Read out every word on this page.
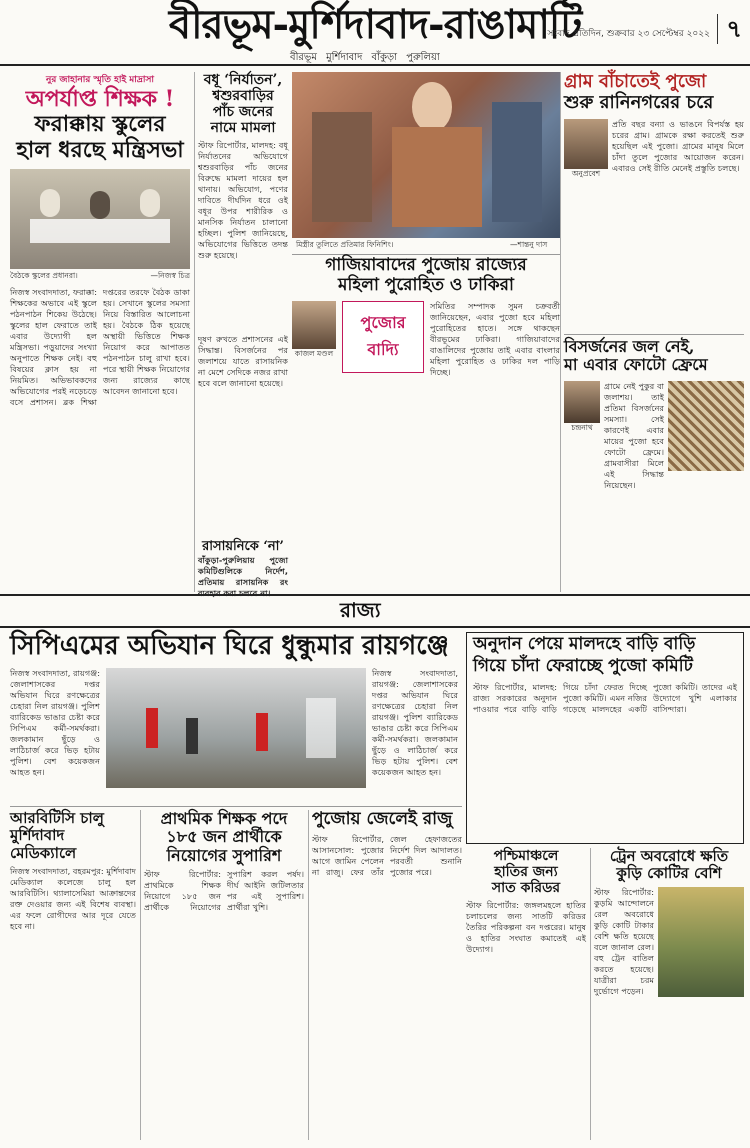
বীরভূম-মুর্শিদাবাদ-রাঙামাটি
সংবাদ প্রতিদিন, শুক্রবার ২৩ সেপ্টেম্বর ২০২২ ৭
বীরভূম মুর্শিদাবাদ বাঁকুড়া পুরুলিয়া
নুর জাহানার স্মৃতি হাই মাদ্রাসা
অপর্যাপ্ত শিক্ষক !
ফরাক্কায় স্কুলের
হাল ধরছে মন্ত্রিসভা
বৈঠকে স্কুলের প্রধানরা।	—নিজস্ব চিত্র
নিজস্ব সংবাদদাতা, ফরাক্কা: শিক্ষকের অভাবে এই স্কুলে পঠনপাঠন শিকেয় উঠেছে। স্কুলের হাল ফেরাতে তাই এবার উদ্যোগী হল মন্ত্রিসভা। পড়ুয়াদের সংখ্যা অনুপাতে শিক্ষক নেই। বহু বিষয়ের ক্লাস হয় না নিয়মিত। অভিভাবকদের অভিযোগের পরই নড়েচড়ে বসে প্রশাসন। ব্লক শিক্ষা দপ্তরের তরফে বৈঠক ডাকা হয়। সেখানে স্কুলের সমস্যা নিয়ে বিস্তারিত আলোচনা হয়। বৈঠকে ঠিক হয়েছে অস্থায়ী ভিত্তিতে শিক্ষক নিয়োগ করে আপাতত পঠনপাঠন চালু রাখা হবে। পরে স্থায়ী শিক্ষক নিয়োগের জন্য রাজ্যের কাছে আবেদন জানানো হবে।
বধূ ‘নির্যাতন’,
শ্বশুরবাড়ির
পাঁচ জনের
নামে মামলা
স্টাফ রিপোর্টার, মালদহ: বধূ নির্যাতনের অভিযোগে শ্বশুরবাড়ির পাঁচ জনের বিরুদ্ধে মামলা দায়ের হল থানায়। অভিযোগ, পণের দাবিতে দীর্ঘদিন ধরে ওই বধূর উপর শারীরিক ও মানসিক নির্যাতন চালানো হচ্ছিল। পুলিশ জানিয়েছে, অভিযোগের ভিত্তিতে তদন্ত শুরু হয়েছে।
মিস্ত্রীর তুলিতে প্রতিমার ফিনিশিং।	—শান্তনু দাস
গ্রাম বাঁচাতেই পুজো
শুরু রানিনগরের চরে
অনুপ্রবেশ
প্রতি বছর বন্যা ও ভাঙনে বিপর্যস্ত হয় চরের গ্রাম। গ্রামকে রক্ষা করতেই শুরু হয়েছিল এই পুজো। গ্রামের মানুষ মিলে চাঁদা তুলে পুজোর আয়োজন করেন। এবারও সেই রীতি মেনেই প্রস্তুতি চলছে।
গাজিয়াবাদের পুজোয় রাজ্যের
মহিলা পুরোহিত ও ঢাকিরা
কাজল মণ্ডল
পুজোর
বাদ্যি
সমিতির সম্পাদক সুমন চক্রবর্তী জানিয়েছেন, এবার পুজো হবে মহিলা পুরোহিতের হাতে। সঙ্গে থাকছেন বীরভূমের ঢাকিরা। গাজিয়াবাদের বাঙালিদের পুজোয় তাই এবার বাংলার মহিলা পুরোহিত ও ঢাকির দল পাড়ি দিচ্ছে।
রাসায়নিকে ‘না’
বাঁকুড়া-পুরুলিয়ায় পুজো কমিটিগুলিকে নির্দেশ, প্রতিমায় রাসায়নিক রং ব্যবহার করা চলবে না।
দূষণ রুখতে প্রশাসনের এই সিদ্ধান্ত। বিসর্জনের পর জলাশয়ে যাতে রাসায়নিক না মেশে সেদিকে নজর রাখা হবে বলে জানানো হয়েছে।
বিসর্জনের জল নেই,
মা এবার ফোটো ফ্রেমে
চন্দ্রনাথ
গ্রামে নেই পুকুর বা জলাশয়। তাই প্রতিমা বিসর্জনের সমস্যা। সেই কারণেই এবার মায়ের পুজো হবে ফোটো ফ্রেমে। গ্রামবাসীরা মিলে এই সিদ্ধান্ত নিয়েছেন।
রাজ্য
সিপিএমের অভিযান ঘিরে ধুন্ধুমার রায়গঞ্জে
নিজস্ব সংবাদদাতা, রায়গঞ্জ: জেলাশাসকের দপ্তর অভিযান ঘিরে রণক্ষেত্রের চেহারা নিল রায়গঞ্জ। পুলিশ ব্যারিকেড ভাঙার চেষ্টা করে সিপিএম কর্মী-সমর্থকরা। জলকামান ছুঁড়ে ও লাঠিচার্জ করে ভিড় হটায় পুলিশ। বেশ কয়েকজন আহত হন।
নিজস্ব সংবাদদাতা, রায়গঞ্জ: জেলাশাসকের দপ্তর অভিযান ঘিরে রণক্ষেত্রের চেহারা নিল রায়গঞ্জ। পুলিশ ব্যারিকেড ভাঙার চেষ্টা করে সিপিএম কর্মী-সমর্থকরা। জলকামান ছুঁড়ে ও লাঠিচার্জ করে ভিড় হটায় পুলিশ। বেশ কয়েকজন আহত হন।
অনুদান পেয়ে মালদহে বাড়ি বাড়ি
গিয়ে চাঁদা ফেরাচ্ছে পুজো কমিটি
স্টাফ রিপোর্টার, মালদহ: রাজ্য সরকারের অনুদান পাওয়ার পরে বাড়ি বাড়ি গিয়ে চাঁদা ফেরত দিচ্ছে পুজো কমিটি। এমন নজির গড়েছে মালদহের একটি পুজো কমিটি। তাদের এই উদ্যোগে খুশি এলাকার বাসিন্দারা।
আরবিটিসি চালু
মুর্শিদাবাদ
মেডিক্যালে
নিজস্ব সংবাদদাতা, বহরমপুর: মুর্শিদাবাদ মেডিক্যাল কলেজে চালু হল আরবিটিসি। থ্যালাসেমিয়া আক্রান্তদের রক্ত দেওয়ার জন্য এই বিশেষ ব্যবস্থা। এর ফলে রোগীদের আর দূরে যেতে হবে না।
প্রাথমিক শিক্ষক পদে
১৮৫ জন প্রার্থীকে
নিয়োগের সুপারিশ
স্টাফ রিপোর্টার: প্রাথমিকে শিক্ষক নিয়োগে ১৮৫ জন প্রার্থীকে নিয়োগের সুপারিশ করল পর্ষদ। দীর্ঘ আইনি জটিলতার পর এই সুপারিশ। প্রার্থীরা খুশি।
পুজোয় জেলেই রাজু
স্টাফ রিপোর্টার, আসানসোল: পুজোর আগে জামিন পেলেন না রাজু। ফের তাঁর জেল হেফাজতের নির্দেশ দিল আদালত। পরবর্তী শুনানি পুজোর পরে।
পশ্চিমাঞ্চলে
হাতির জন্য
সাত করিডর
স্টাফ রিপোর্টার: জঙ্গলমহলে হাতির চলাচলের জন্য সাতটি করিডর তৈরির পরিকল্পনা বন দপ্তরের। মানুষ ও হাতির সংঘাত কমাতেই এই উদ্যোগ।
ট্রেন অবরোধে ক্ষতি
কুড়ি কোটির বেশি
স্টাফ রিপোর্টার: কুড়মি আন্দোলনে রেল অবরোধে কুড়ি কোটি টাকার বেশি ক্ষতি হয়েছে বলে জানাল রেল। বহু ট্রেন বাতিল করতে হয়েছে। যাত্রীরা চরম দুর্ভোগে পড়েন।
